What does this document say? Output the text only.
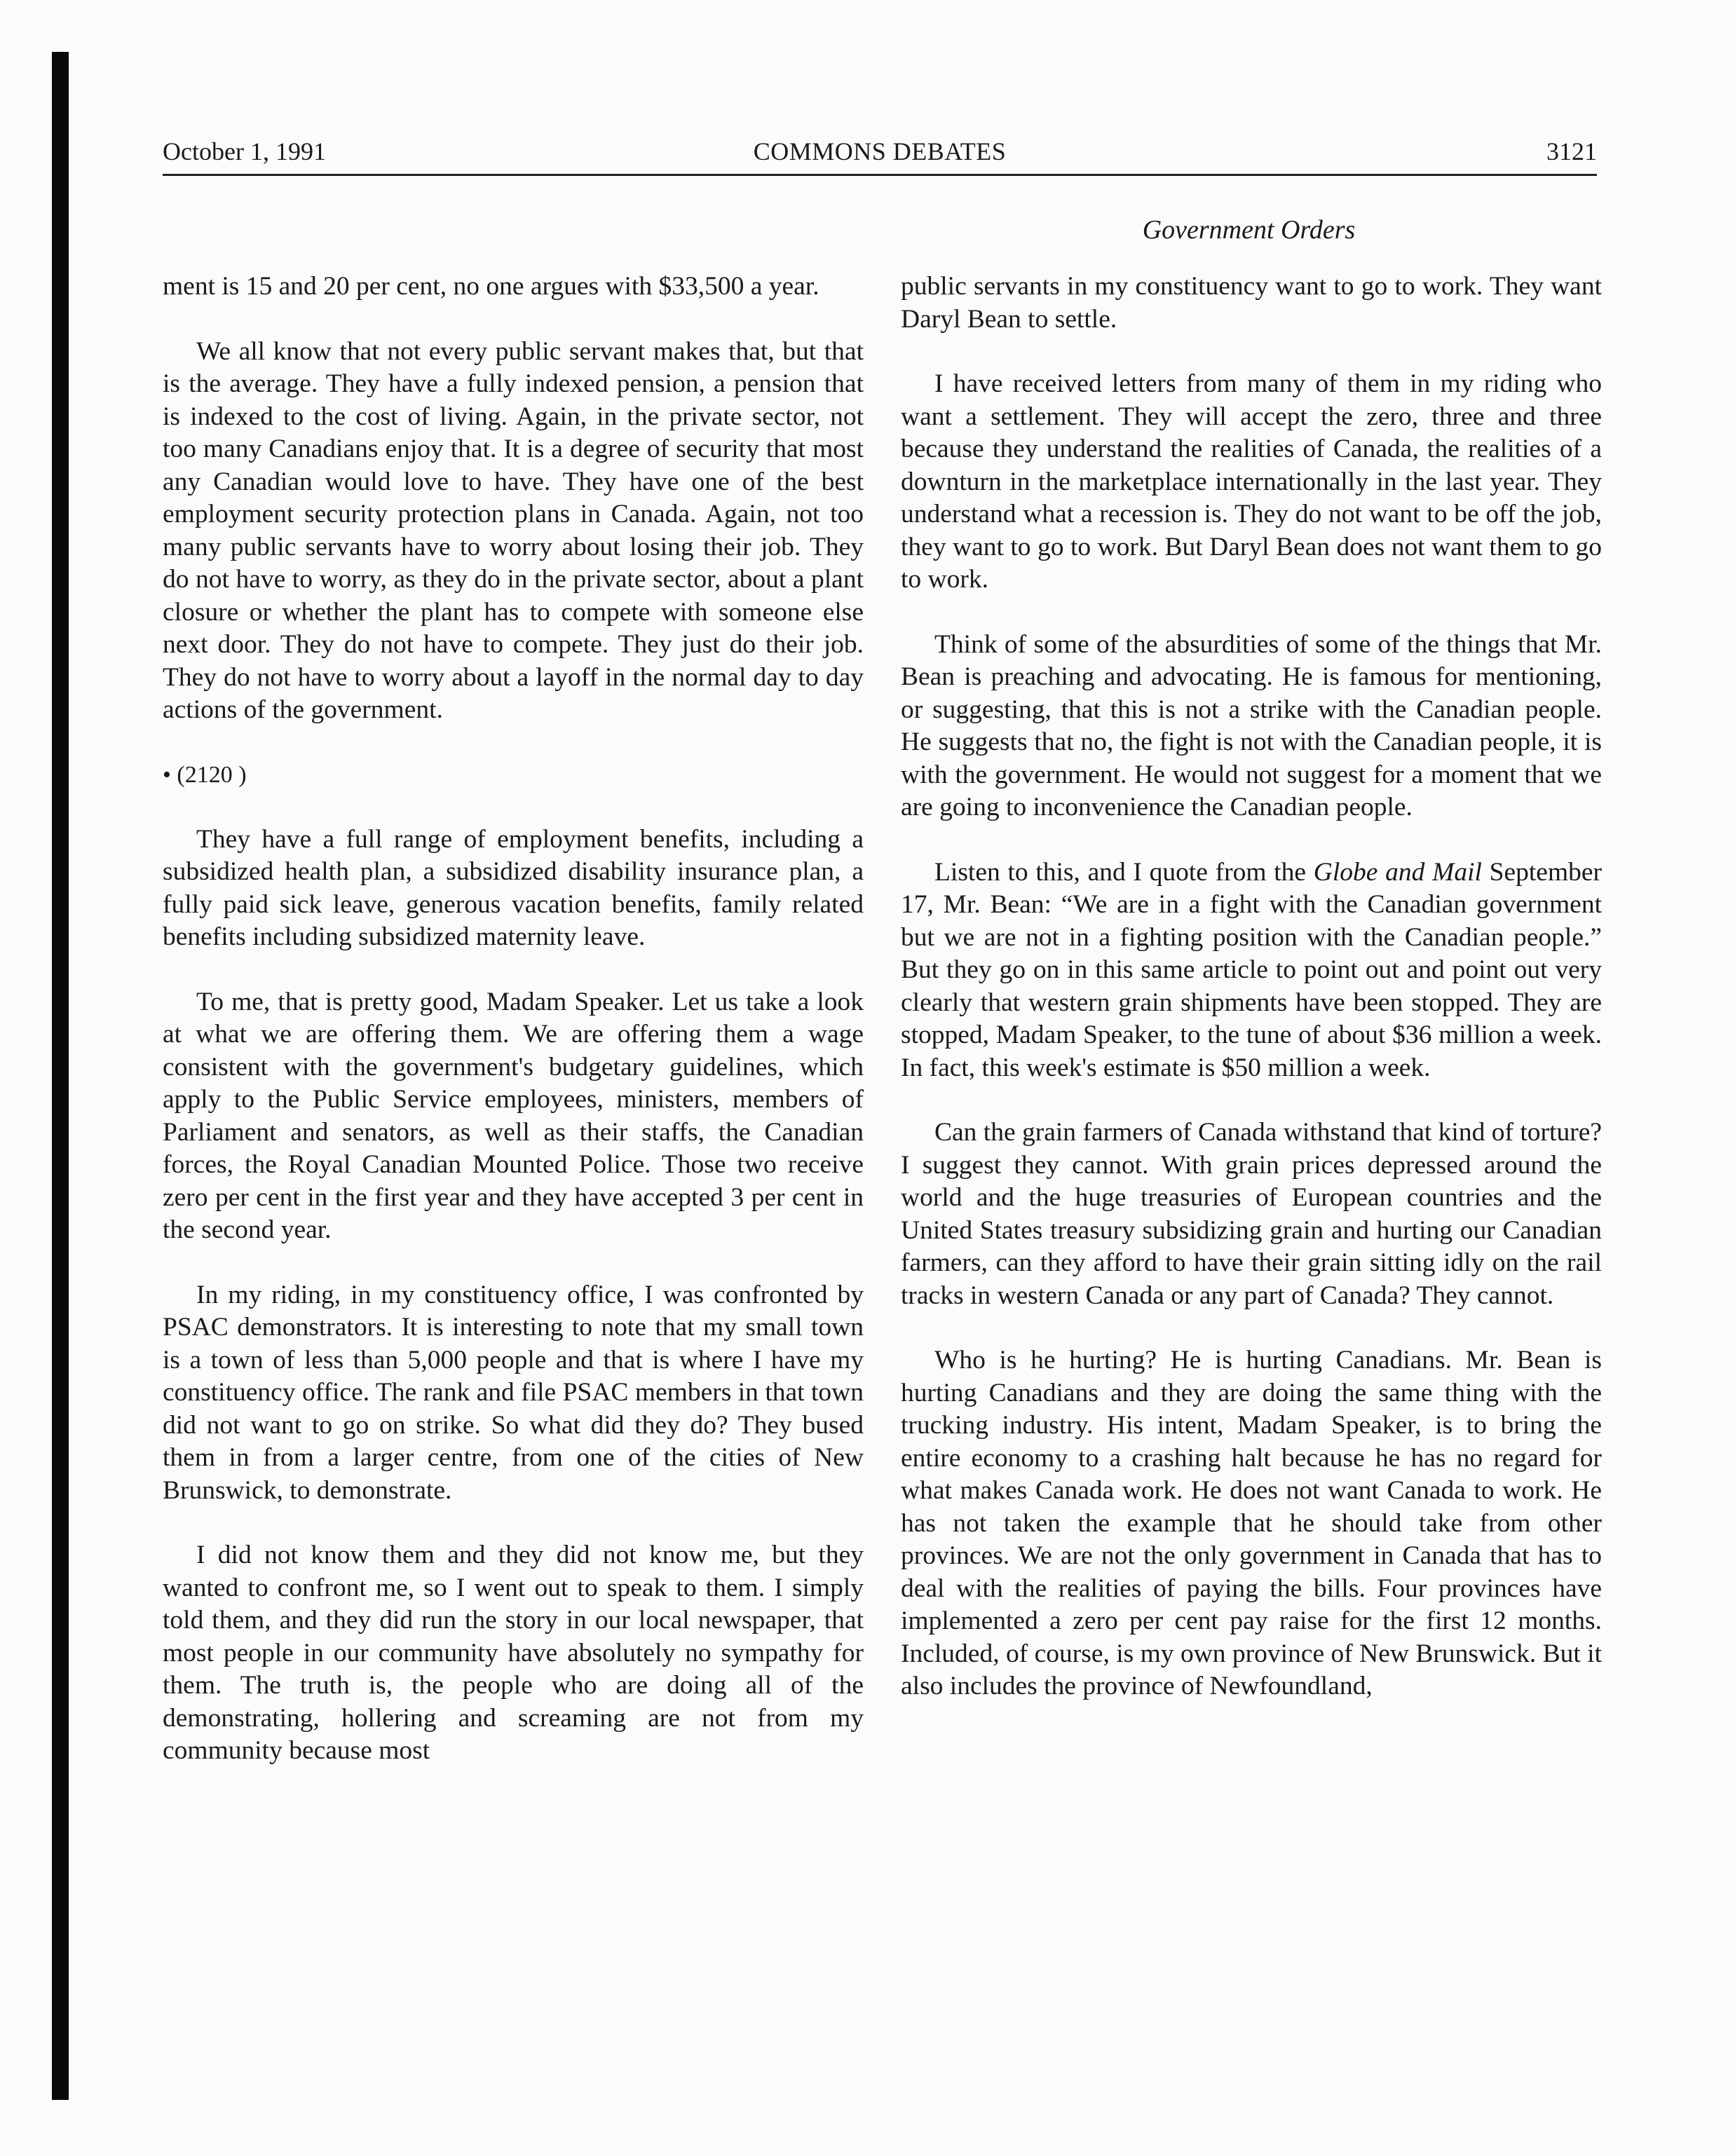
October 1, 1991	COMMONS DEBATES	3121
Government Orders

ment is 15 and 20 per cent, no one argues with $33,500 a year.

We all know that not every public servant makes that, but that is the average. They have a fully indexed pension, a pension that is indexed to the cost of living. Again, in the private sector, not too many Canadians enjoy that. It is a degree of security that most any Canadian would love to have. They have one of the best employment security protection plans in Canada. Again, not too many public servants have to worry about losing their job. They do not have to worry, as they do in the private sector, about a plant closure or whether the plant has to compete with someone else next door. They do not have to compete. They just do their job. They do not have to worry about a layoff in the normal day to day actions of the government.

• (2120 )

They have a full range of employment benefits, including a subsidized health plan, a subsidized disability insurance plan, a fully paid sick leave, generous vacation benefits, family related benefits including subsidized maternity leave.

To me, that is pretty good, Madam Speaker. Let us take a look at what we are offering them. We are offering them a wage consistent with the government's budgetary guidelines, which apply to the Public Service employees, ministers, members of Parliament and senators, as well as their staffs, the Canadian forces, the Royal Canadian Mounted Police. Those two receive zero per cent in the first year and they have accepted 3 per cent in the second year.

In my riding, in my constituency office, I was confronted by PSAC demonstrators. It is interesting to note that my small town is a town of less than 5,000 people and that is where I have my constituency office. The rank and file PSAC members in that town did not want to go on strike. So what did they do? They bused them in from a larger centre, from one of the cities of New Brunswick, to demonstrate.

I did not know them and they did not know me, but they wanted to confront me, so I went out to speak to them. I simply told them, and they did run the story in our local newspaper, that most people in our community have absolutely no sympathy for them. The truth is, the people who are doing all of the demonstrating, hollering and screaming are not from my community because most

public servants in my constituency want to go to work. They want Daryl Bean to settle.

I have received letters from many of them in my riding who want a settlement. They will accept the zero, three and three because they understand the realities of Canada, the realities of a downturn in the marketplace internationally in the last year. They understand what a recession is. They do not want to be off the job, they want to go to work. But Daryl Bean does not want them to go to work.

Think of some of the absurdities of some of the things that Mr. Bean is preaching and advocating. He is famous for mentioning, or suggesting, that this is not a strike with the Canadian people. He suggests that no, the fight is not with the Canadian people, it is with the government. He would not suggest for a moment that we are going to inconvenience the Canadian people.

Listen to this, and I quote from the Globe and Mail September 17, Mr. Bean: “We are in a fight with the Canadian government but we are not in a fighting position with the Canadian people.” But they go on in this same article to point out and point out very clearly that western grain shipments have been stopped. They are stopped, Madam Speaker, to the tune of about $36 million a week. In fact, this week's estimate is $50 million a week.

Can the grain farmers of Canada withstand that kind of torture? I suggest they cannot. With grain prices depressed around the world and the huge treasuries of European countries and the United States treasury subsidizing grain and hurting our Canadian farmers, can they afford to have their grain sitting idly on the rail tracks in western Canada or any part of Canada? They cannot.

Who is he hurting? He is hurting Canadians. Mr. Bean is hurting Canadians and they are doing the same thing with the trucking industry. His intent, Madam Speaker, is to bring the entire economy to a crashing halt because he has no regard for what makes Canada work. He does not want Canada to work. He has not taken the example that he should take from other provinces. We are not the only government in Canada that has to deal with the realities of paying the bills. Four provinces have implemented a zero per cent pay raise for the first 12 months. Included, of course, is my own province of New Brunswick. But it also includes the province of Newfoundland,
